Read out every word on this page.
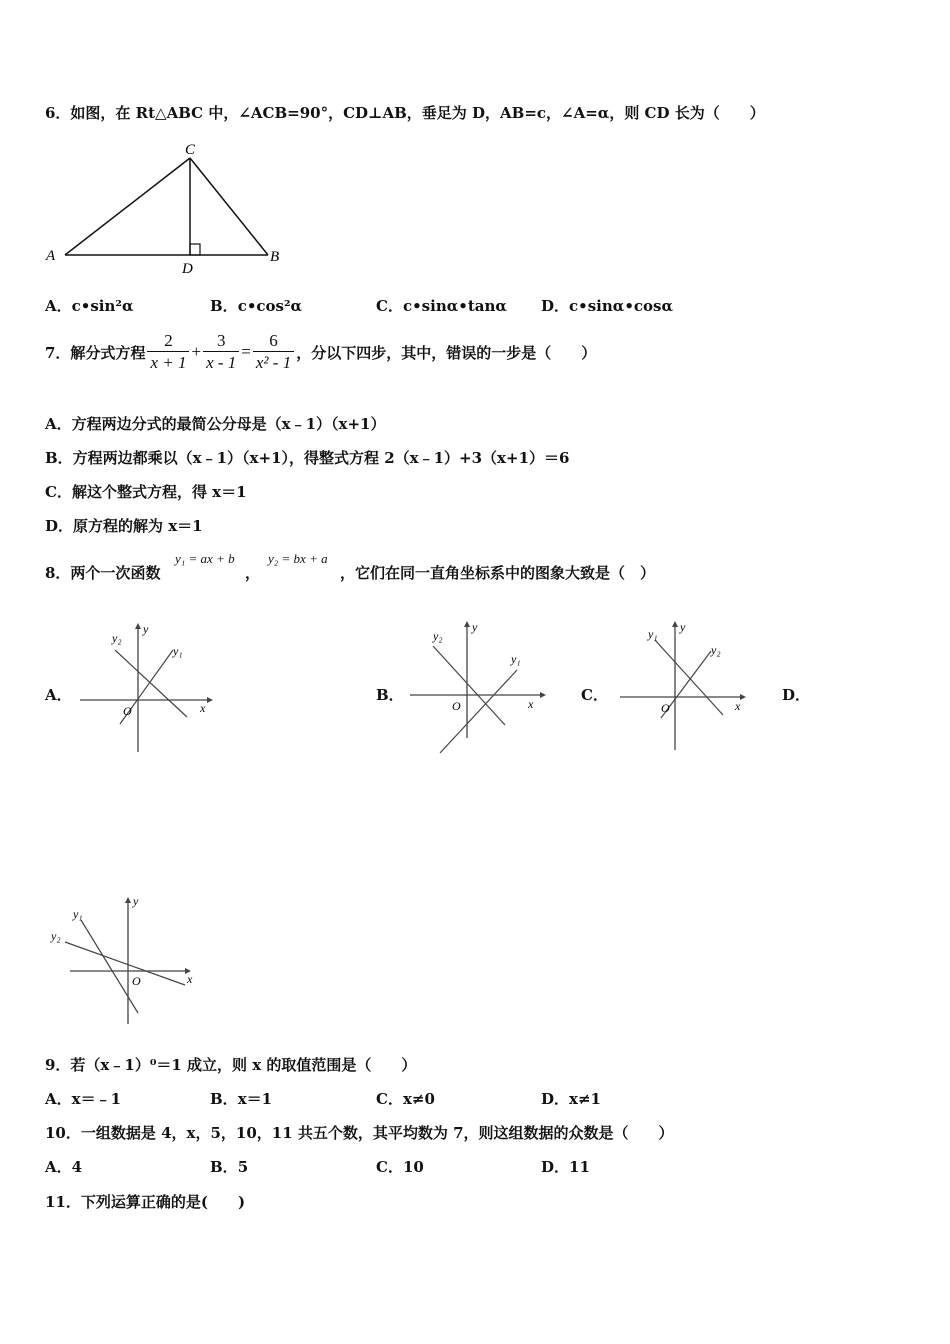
6．如图，在 Rt△ABC 中，∠ACB=90°，CD⊥AB，垂足为 D，AB=c，∠A=α，则 CD 长为（　　）
C
A	B
D
A．c•sin²α	B．c•cos²α	C．c•sinα•tanα D．c•sinα•cosα
7．解分式方程 $\frac{2}{x + 1} + \frac{3}{x - 1} = \frac{6}{\text{x² - 1}}$ ，分以下四步，其中，错误的一步是（　　）
A．方程两边分式的最简公分母是（x﹣1）（x+1）
B．方程两边都乘以（x﹣1）（x+1），得整式方程 2（x﹣1）+3（x+1）＝6
C．解这个整式方程，得 x＝1
D．原方程的解为 x＝1
8．两个一次函数
y₁ = ax + b
，
y₂ = bx + a
，它们在同一直角坐标系中的图象大致是（　）
A．	B．	C．	D．
x
y
O
y₂
y₁
x
y
O
y₂
y₁
x
y
O
y₁
y₂
x
y
O
y₁
y₂
9．若（x﹣1）⁰＝1 成立，则 x 的取值范围是（　　）
A．x＝﹣1	B．x＝1	C．x≠0	D．x≠1
10．一组数据是 4，x，5，10，11 共五个数，其平均数为 7，则这组数据的众数是（　　）
A．4	B．5	C．10	D．11
11．下列运算正确的是(　　)
